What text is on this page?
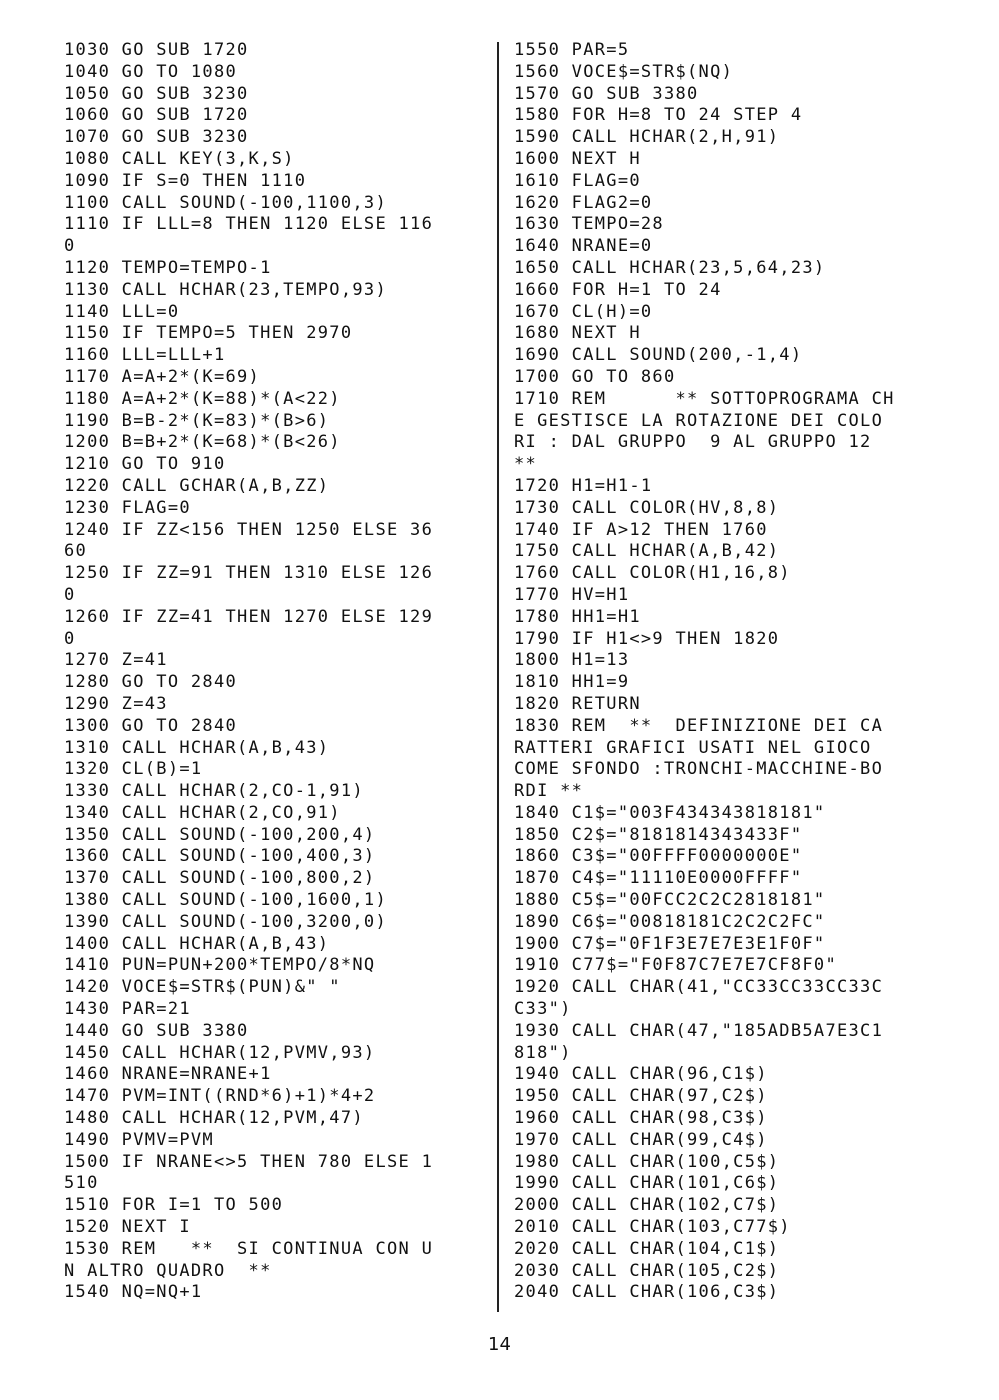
1030 GO SUB 1720
1040 GO TO 1080
1050 GO SUB 3230
1060 GO SUB 1720
1070 GO SUB 3230
1080 CALL KEY(3,K,S)
1090 IF S=0 THEN 1110
1100 CALL SOUND(-100,1100,3)
1110 IF LLL=8 THEN 1120 ELSE 116
0
1120 TEMPO=TEMPO-1
1130 CALL HCHAR(23,TEMPO,93)
1140 LLL=0
1150 IF TEMPO=5 THEN 2970
1160 LLL=LLL+1
1170 A=A+2*(K=69)
1180 A=A+2*(K=88)*(A<22)
1190 B=B-2*(K=83)*(B>6)
1200 B=B+2*(K=68)*(B<26)
1210 GO TO 910
1220 CALL GCHAR(A,B,ZZ)
1230 FLAG=0
1240 IF ZZ<156 THEN 1250 ELSE 36
60
1250 IF ZZ=91 THEN 1310 ELSE 126
0
1260 IF ZZ=41 THEN 1270 ELSE 129
0
1270 Z=41
1280 GO TO 2840
1290 Z=43
1300 GO TO 2840
1310 CALL HCHAR(A,B,43)
1320 CL(B)=1
1330 CALL HCHAR(2,CO-1,91)
1340 CALL HCHAR(2,CO,91)
1350 CALL SOUND(-100,200,4)
1360 CALL SOUND(-100,400,3)
1370 CALL SOUND(-100,800,2)
1380 CALL SOUND(-100,1600,1)
1390 CALL SOUND(-100,3200,0)
1400 CALL HCHAR(A,B,43)
1410 PUN=PUN+200*TEMPO/8*NQ
1420 VOCE$=STR$(PUN)&" "
1430 PAR=21
1440 GO SUB 3380
1450 CALL HCHAR(12,PVMV,93)
1460 NRANE=NRANE+1
1470 PVM=INT((RND*6)+1)*4+2
1480 CALL HCHAR(12,PVM,47)
1490 PVMV=PVM
1500 IF NRANE<>5 THEN 780 ELSE 1
510
1510 FOR I=1 TO 500
1520 NEXT I
1530 REM   **  SI CONTINUA CON U
N ALTRO QUADRO  **
1540 NQ=NQ+1
1550 PAR=5
1560 VOCE$=STR$(NQ)
1570 GO SUB 3380
1580 FOR H=8 TO 24 STEP 4
1590 CALL HCHAR(2,H,91)
1600 NEXT H
1610 FLAG=0
1620 FLAG2=0
1630 TEMPO=28
1640 NRANE=0
1650 CALL HCHAR(23,5,64,23)
1660 FOR H=1 TO 24
1670 CL(H)=0
1680 NEXT H
1690 CALL SOUND(200,-1,4)
1700 GO TO 860
1710 REM      ** SOTTOPROGRAMA CH
E GESTISCE LA ROTAZIONE DEI COLO
RI : DAL GRUPPO  9 AL GRUPPO 12
**
1720 H1=H1-1
1730 CALL COLOR(HV,8,8)
1740 IF A>12 THEN 1760
1750 CALL HCHAR(A,B,42)
1760 CALL COLOR(H1,16,8)
1770 HV=H1
1780 HH1=H1
1790 IF H1<>9 THEN 1820
1800 H1=13
1810 HH1=9
1820 RETURN
1830 REM  **  DEFINIZIONE DEI CA
RATTERI GRAFICI USATI NEL GIOCO
COME SFONDO :TRONCHI-MACCHINE-BO
RDI **
1840 C1$="003F434343818181"
1850 C2$="8181814343433F"
1860 C3$="00FFFF0000000E"
1870 C4$="11110E0000FFFF"
1880 C5$="00FCC2C2C2818181"
1890 C6$="00818181C2C2C2FC"
1900 C7$="0F1F3E7E7E3E1F0F"
1910 C77$="F0F87C7E7E7CF8F0"
1920 CALL CHAR(41,"CC33CC33CC33C
C33")
1930 CALL CHAR(47,"185ADB5A7E3C1
818")
1940 CALL CHAR(96,C1$)
1950 CALL CHAR(97,C2$)
1960 CALL CHAR(98,C3$)
1970 CALL CHAR(99,C4$)
1980 CALL CHAR(100,C5$)
1990 CALL CHAR(101,C6$)
2000 CALL CHAR(102,C7$)
2010 CALL CHAR(103,C77$)
2020 CALL CHAR(104,C1$)
2030 CALL CHAR(105,C2$)
2040 CALL CHAR(106,C3$)
14
